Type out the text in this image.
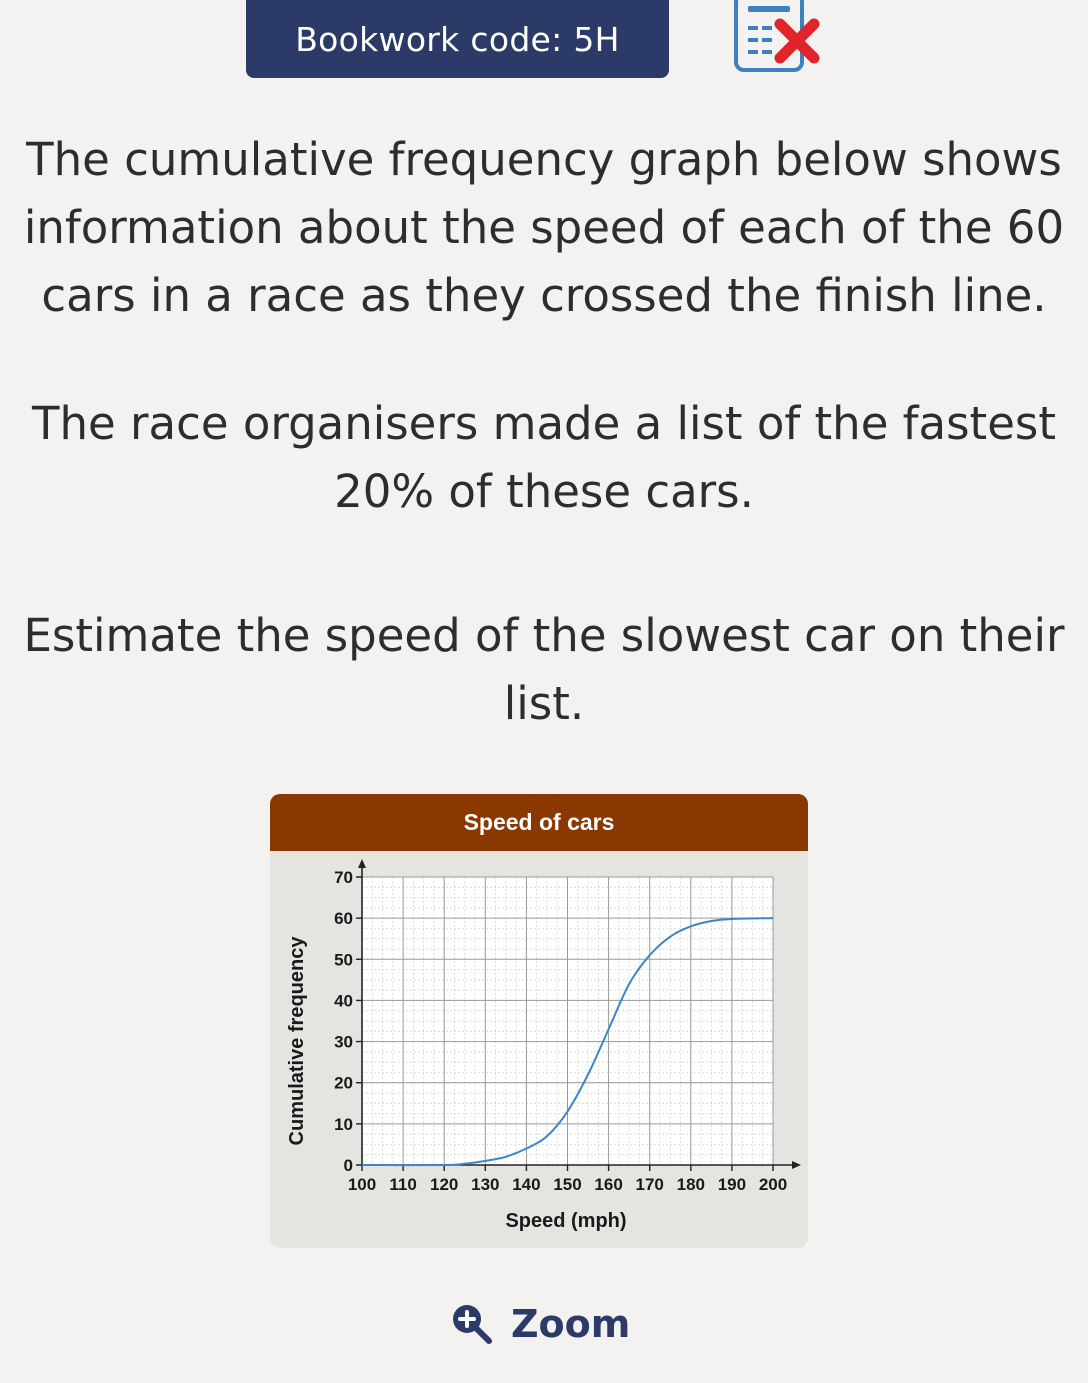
Bookwork code: 5H
The cumulative frequency graph below shows information about the speed of each of the 60 cars in a race as they crossed the finish line.
The race organisers made a list of the fastest 20% of these cars.
Estimate the speed of the slowest car on their list.
Speed of cars
100 110 120 130 140 150 160 170 180 190 200
0
10
20
30
40
50
60
70
Speed (mph)
Cumulative frequency
Zoom
